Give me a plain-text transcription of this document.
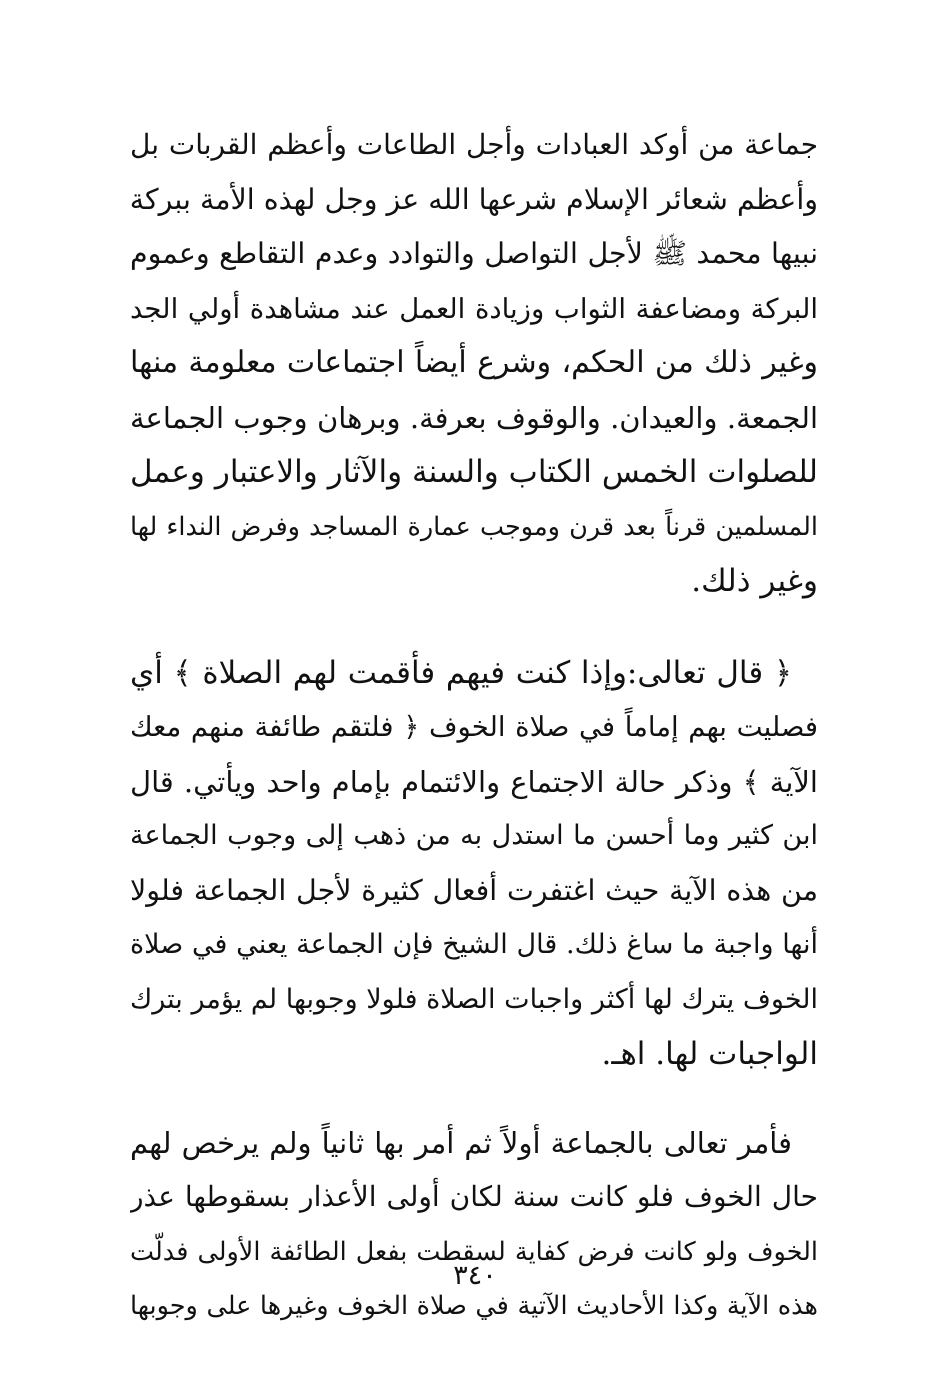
جماعة من أوكد العبادات وأجل الطاعات وأعظم القربات بل
وأعظم شعائر الإسلام شرعها الله عز وجل لهذه الأمة ببركة
نبيها محمد ﷺ لأجل التواصل والتوادد وعدم التقاطع وعموم
البركة ومضاعفة الثواب وزيادة العمل عند مشاهدة أولي الجد
وغير ذلك من الحكم، وشرع أيضاً اجتماعات معلومة منها
الجمعة. والعيدان. والوقوف بعرفة. وبرهان وجوب الجماعة
للصلوات الخمس الكتاب والسنة والآثار والاعتبار وعمل
المسلمين قرناً بعد قرن وموجب عمارة المساجد وفرض النداء لها
وغير ذلك.
﴿ قال تعالى:وإذا كنت فيهم فأقمت لهم الصلاة ﴾ أي
فصليت بهم إماماً في صلاة الخوف ﴿ فلتقم طائفة منهم معك
الآية ﴾ وذكر حالة الاجتماع والائتمام بإمام واحد ويأتي. قال
ابن كثير وما أحسن ما استدل به من ذهب إلى وجوب الجماعة
من هذه الآية حيث اغتفرت أفعال كثيرة لأجل الجماعة فلولا
أنها واجبة ما ساغ ذلك. قال الشيخ فإن الجماعة يعني في صلاة
الخوف يترك لها أكثر واجبات الصلاة فلولا وجوبها لم يؤمر بترك
الواجبات لها. اهـ.
فأمر تعالى بالجماعة أولاً ثم أمر بها ثانياً ولم يرخص لهم
حال الخوف فلو كانت سنة لكان أولى الأعذار بسقوطها عذر
الخوف ولو كانت فرض كفاية لسقطت بفعل الطائفة الأولى فدلّت
هذه الآية وكذا الأحاديث الآتية في صلاة الخوف وغيرها على وجوبها
٣٤٠
